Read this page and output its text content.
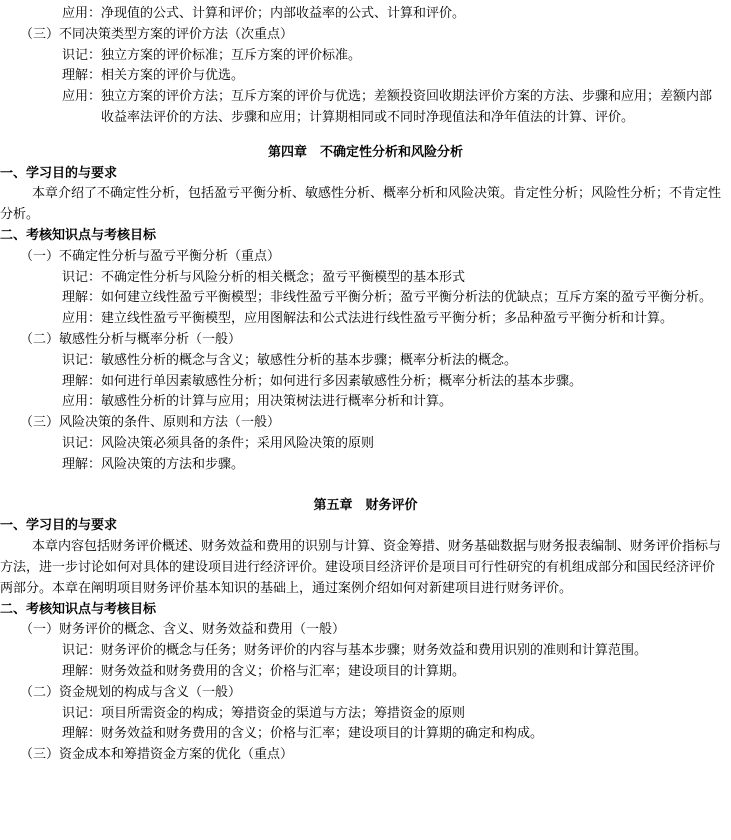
应用： 净现值的公式、计算和评价；内部收益率的公式、计算和评价。

（三）不同决策类型方案的评价方法（次重点）

识记： 独立方案的评价标准；互斥方案的评价标准。
理解： 相关方案的评价与优选。
应用： 独立方案的评价方法；互斥方案的评价与优选；差额投资回收期法评价方案的方法、步骤和应用；差额内部收益率法评价的方法、步骤和应用；计算期相同或不同时净现值法和净年值法的计算、评价。

第四章　不确定性分析和风险分析

一、学习目的与要求

本章介绍了不确定性分析，包括盈亏平衡分析、敏感性分析、概率分析和风险决策。肯定性分析；风险性分析；不肯定性分析。

二、考核知识点与考核目标

（一）不确定性分析与盈亏平衡分析（重点）

识记： 不确定性分析与风险分析的相关概念；盈亏平衡模型的基本形式
理解： 如何建立线性盈亏平衡模型；非线性盈亏平衡分析；盈亏平衡分析法的优缺点；互斥方案的盈亏平衡分析。
应用： 建立线性盈亏平衡模型，应用图解法和公式法进行线性盈亏平衡分析；多品种盈亏平衡分析和计算。

（二）敏感性分析与概率分析（一般）

识记： 敏感性分析的概念与含义；敏感性分析的基本步骤；概率分析法的概念。
理解： 如何进行单因素敏感性分析；如何进行多因素敏感性分析；概率分析法的基本步骤。
应用： 敏感性分析的计算与应用；用决策树法进行概率分析和计算。

（三）风险决策的条件、原则和方法（一般）

识记： 风险决策必须具备的条件；采用风险决策的原则
理解： 风险决策的方法和步骤。

第五章　财务评价

一、学习目的与要求

本章内容包括财务评价概述、财务效益和费用的识别与计算、资金筹措、财务基础数据与财务报表编制、财务评价指标与方法，进一步讨论如何对具体的建设项目进行经济评价。建设项目经济评价是项目可行性研究的有机组成部分和国民经济评价两部分。本章在阐明项目财务评价基本知识的基础上，通过案例介绍如何对新建项目进行财务评价。

二、考核知识点与考核目标

（一）财务评价的概念、含义、财务效益和费用（一般）

识记： 财务评价的概念与任务；财务评价的内容与基本步骤；财务效益和费用识别的准则和计算范围。
理解： 财务效益和财务费用的含义；价格与汇率；建设项目的计算期。

（二）资金规划的构成与含义（一般）

识记： 项目所需资金的构成；筹措资金的渠道与方法；筹措资金的原则
理解： 财务效益和财务费用的含义；价格与汇率；建设项目的计算期的确定和构成。

（三）资金成本和筹措资金方案的优化（重点）
